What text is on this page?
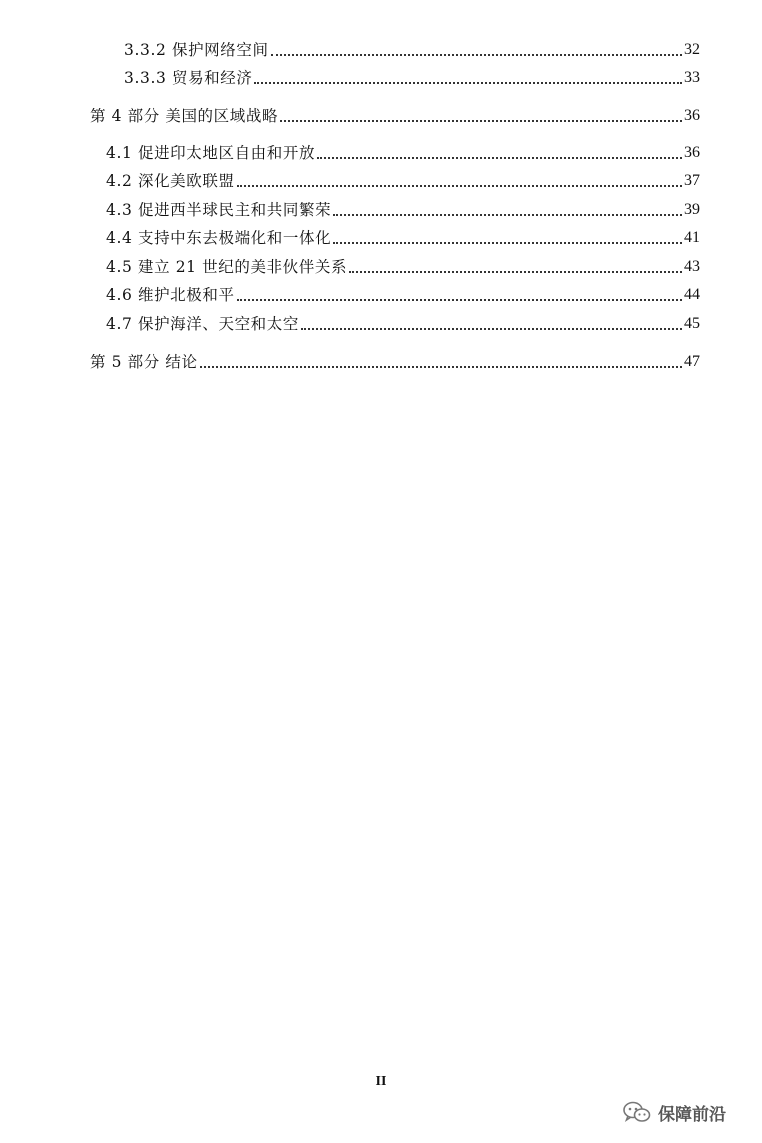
3.3.2 保护网络空间	32
3.3.3 贸易和经济	33
第 4 部分 美国的区域战略	36
4.1 促进印太地区自由和开放	36
4.2 深化美欧联盟	37
4.3 促进西半球民主和共同繁荣	39
4.4 支持中东去极端化和一体化	41
4.5 建立 21 世纪的美非伙伴关系	43
4.6 维护北极和平	44
4.7 保护海洋、天空和太空	45
第 5 部分 结论	47
II
保障前沿
